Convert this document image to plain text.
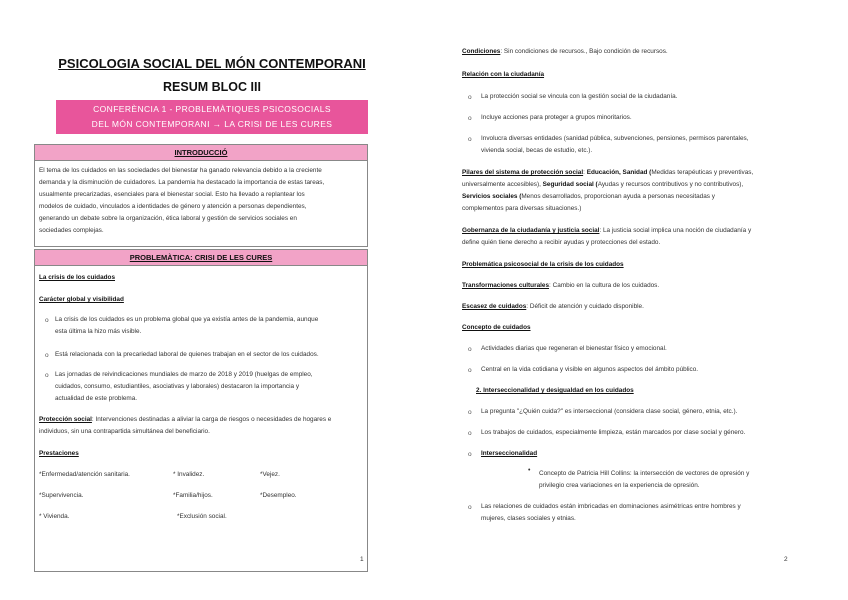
PSICOLOGIA SOCIAL DEL MÓN CONTEMPORANI
RESUM BLOC III
CONFERÈNCIA 1 - PROBLEMÀTIQUES PSICOSOCIALS
DEL MÓN CONTEMPORANI → LA CRISI DE LES CURES
INTRODUCCIÓ
El tema de los cuidados en las sociedades del bienestar ha ganado relevancia debido a la creciente
demanda y la disminución de cuidadores. La pandemia ha destacado la importancia de estas tareas,
usualmente precarizadas, esenciales para el bienestar social. Esto ha llevado a replantear los
modelos de cuidado, vinculados a identidades de género y atención a personas dependientes,
generando un debate sobre la organización, ética laboral y gestión de servicios sociales en
sociedades complejas.
PROBLEMÀTICA: CRISI DE LES CURES
La crisis de los cuidados
Carácter global y visibilidad
o La crisis de los cuidados es un problema global que ya existía antes de la pandemia, aunque
esta última la hizo más visible.
o Está relacionada con la precariedad laboral de quienes trabajan en el sector de los cuidados.
o Las jornadas de reivindicaciones mundiales de marzo de 2018 y 2019 (huelgas de empleo,
cuidados, consumo, estudiantiles, asociativas y laborales) destacaron la importancia y
actualidad de este problema.
Protección social: Intervenciones destinadas a aliviar la carga de riesgos o necesidades de hogares e
individuos, sin una contrapartida simultánea del beneficiario.
Prestaciones
*Enfermedad/atención sanitaria.	* Invalidez.	*Vejez.
*Supervivencia.	*Familia/hijos.	*Desempleo.
* Vivienda.	*Exclusión social.
1
Condiciones: Sin condiciones de recursos., Bajo condición de recursos.
Relación con la ciudadanía
o La protección social se vincula con la gestión social de la ciudadanía.
o Incluye acciones para proteger a grupos minoritarios.
o Involucra diversas entidades (sanidad pública, subvenciones, pensiones, permisos parentales,
vivienda social, becas de estudio, etc.).
Pilares del sistema de protección social: Educación, Sanidad (Medidas terapéuticas y preventivas,
universalmente accesibles), Seguridad social (Ayudas y recursos contributivos y no contributivos),
Servicios sociales (Menos desarrollados, proporcionan ayuda a personas necesitadas y
complementos para diversas situaciones.)
Gobernanza de la ciudadanía y justicia social: La justicia social implica una noción de ciudadanía y
define quién tiene derecho a recibir ayudas y protecciones del estado.
Problemática psicosocial de la crisis de los cuidados
Transformaciones culturales: Cambio en la cultura de los cuidados.
Escasez de cuidados: Déficit de atención y cuidado disponible.
Concepto de cuidados
o Actividades diarias que regeneran el bienestar físico y emocional.
o Central en la vida cotidiana y visible en algunos aspectos del ámbito público.
2. Interseccionalidad y desigualdad en los cuidados
o La pregunta "¿Quién cuida?" es interseccional (considera clase social, género, etnia, etc.).
o Los trabajos de cuidados, especialmente limpieza, están marcados por clase social y género.
o Interseccionalidad
• Concepto de Patricia Hill Collins: la intersección de vectores de opresión y
privilegio crea variaciones en la experiencia de opresión.
o Las relaciones de cuidados están imbricadas en dominaciones asimétricas entre hombres y
mujeres, clases sociales y etnias.
2
